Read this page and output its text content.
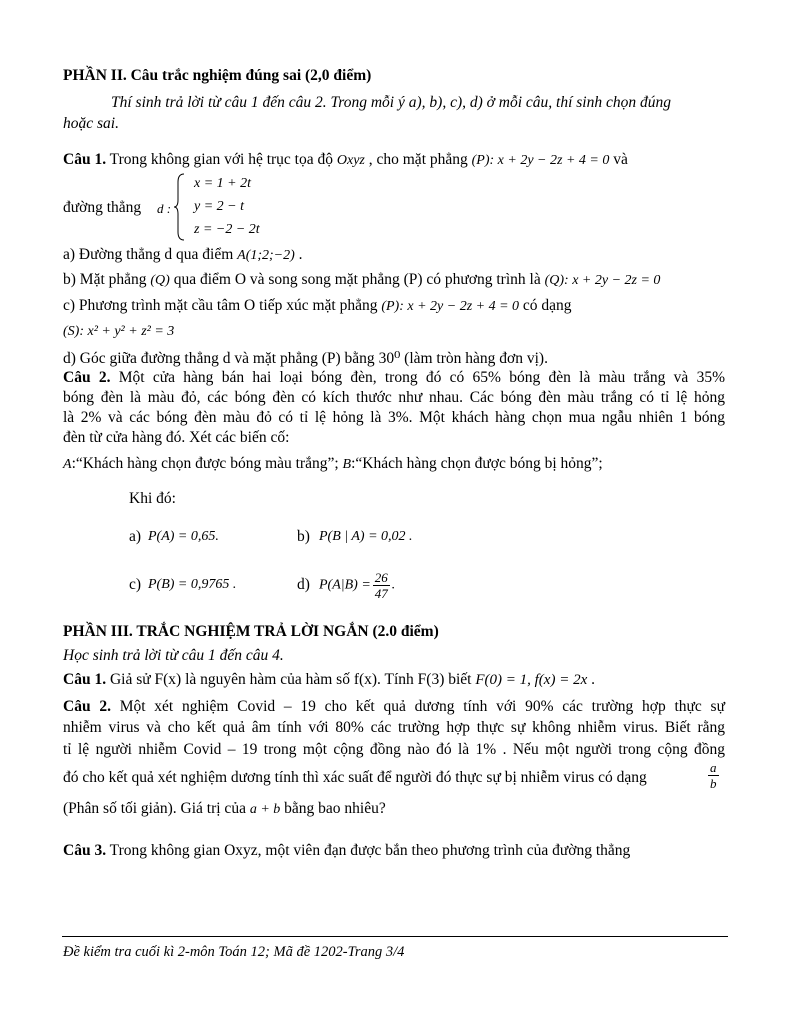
PHẦN II. Câu trắc nghiệm đúng sai (2,0 điểm)
Thí sinh trả lời từ câu 1 đến câu 2. Trong mỗi ý a), b), c), d) ở mỗi câu, thí sinh chọn đúng
hoặc sai.
Câu 1. Trong không gian với hệ trục tọa độ Oxyz , cho mặt phẳng (P): x + 2y − 2z + 4 = 0 và
đường thẳng d :
x = 1 + 2t
y = 2 − t
z = −2 − 2t
a) Đường thẳng d qua điểm A(1;2;−2) .
b) Mặt phẳng (Q) qua điểm O và song song mặt phẳng (P) có phương trình là (Q): x + 2y − 2z = 0
c) Phương trình mặt cầu tâm O tiếp xúc mặt phẳng (P): x + 2y − 2z + 4 = 0 có dạng
(S): x² + y² + z² = 3
d) Góc giữa đường thẳng d và mặt phẳng (P) bằng 30⁰ (làm tròn hàng đơn vị).
Câu 2. Một cửa hàng bán hai loại bóng đèn, trong đó có 65% bóng đèn là màu trắng và 35%
bóng đèn là màu đỏ, các bóng đèn có kích thước như nhau. Các bóng đèn màu trắng có tỉ lệ hỏng
là 2% và các bóng đèn màu đỏ có tỉ lệ hỏng là 3%. Một khách hàng chọn mua ngẫu nhiên 1 bóng
đèn từ cửa hàng đó. Xét các biến cố:
A:“Khách hàng chọn được bóng màu trắng”; B:“Khách hàng chọn được bóng bị hỏng”;
Khi đó:
a) P(A) = 0,65.	b) P(B | A) = 0,02 .
c) P(B) = 0,9765 .	d) $P(A|B) = \frac{26}{47}$ .
PHẦN III. TRẮC NGHIỆM TRẢ LỜI NGẮN (2.0 điểm)
Học sinh trả lời từ câu 1 đến câu 4.
Câu 1. Giả sử F(x) là nguyên hàm của hàm số f(x). Tính F(3) biết F(0) = 1, f(x) = 2x .
Câu 2. Một xét nghiệm Covid – 19 cho kết quả dương tính với 90% các trường hợp thực sự
nhiễm virus và cho kết quả âm tính với 80% các trường hợp thực sự không nhiễm virus. Biết rằng
tỉ lệ người nhiễm Covid – 19 trong một cộng đồng nào đó là 1% . Nếu một người trong cộng đồng
đó cho kết quả xét nghiệm dương tính thì xác suất để người đó thực sự bị nhiễm virus có dạng	$\frac{a}{b}$
(Phân số tối giản). Giá trị của a + b bằng bao nhiêu?
Câu 3. Trong không gian Oxyz, một viên đạn được bắn theo phương trình của đường thẳng
Đề kiểm tra cuối kì 2-môn Toán 12; Mã đề 1202-Trang 3/4
